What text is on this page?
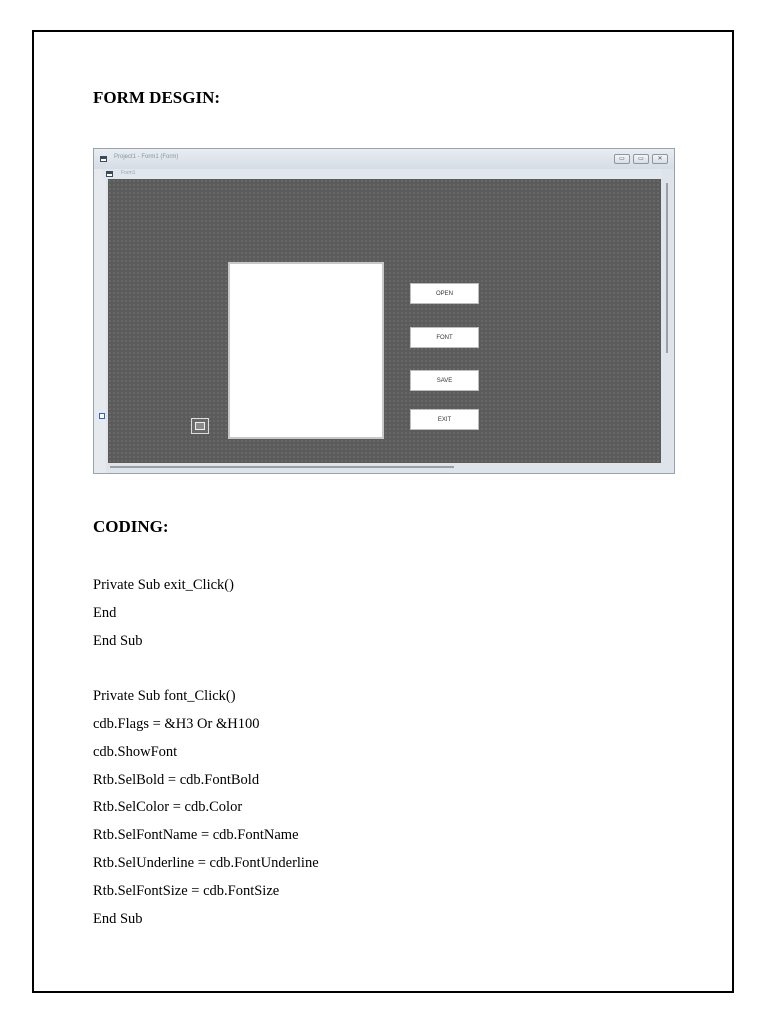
FORM DESGIN:
Project1 - Form1 (Form)	▭	▭	✕
Form1
OPEN
FONT
SAVE
EXIT
CODING:
Private Sub exit_Click()
End
End Sub
Private Sub font_Click()
cdb.Flags = &H3 Or &H100
cdb.ShowFont
Rtb.SelBold = cdb.FontBold
Rtb.SelColor = cdb.Color
Rtb.SelFontName = cdb.FontName
Rtb.SelUnderline = cdb.FontUnderline
Rtb.SelFontSize = cdb.FontSize
End Sub
